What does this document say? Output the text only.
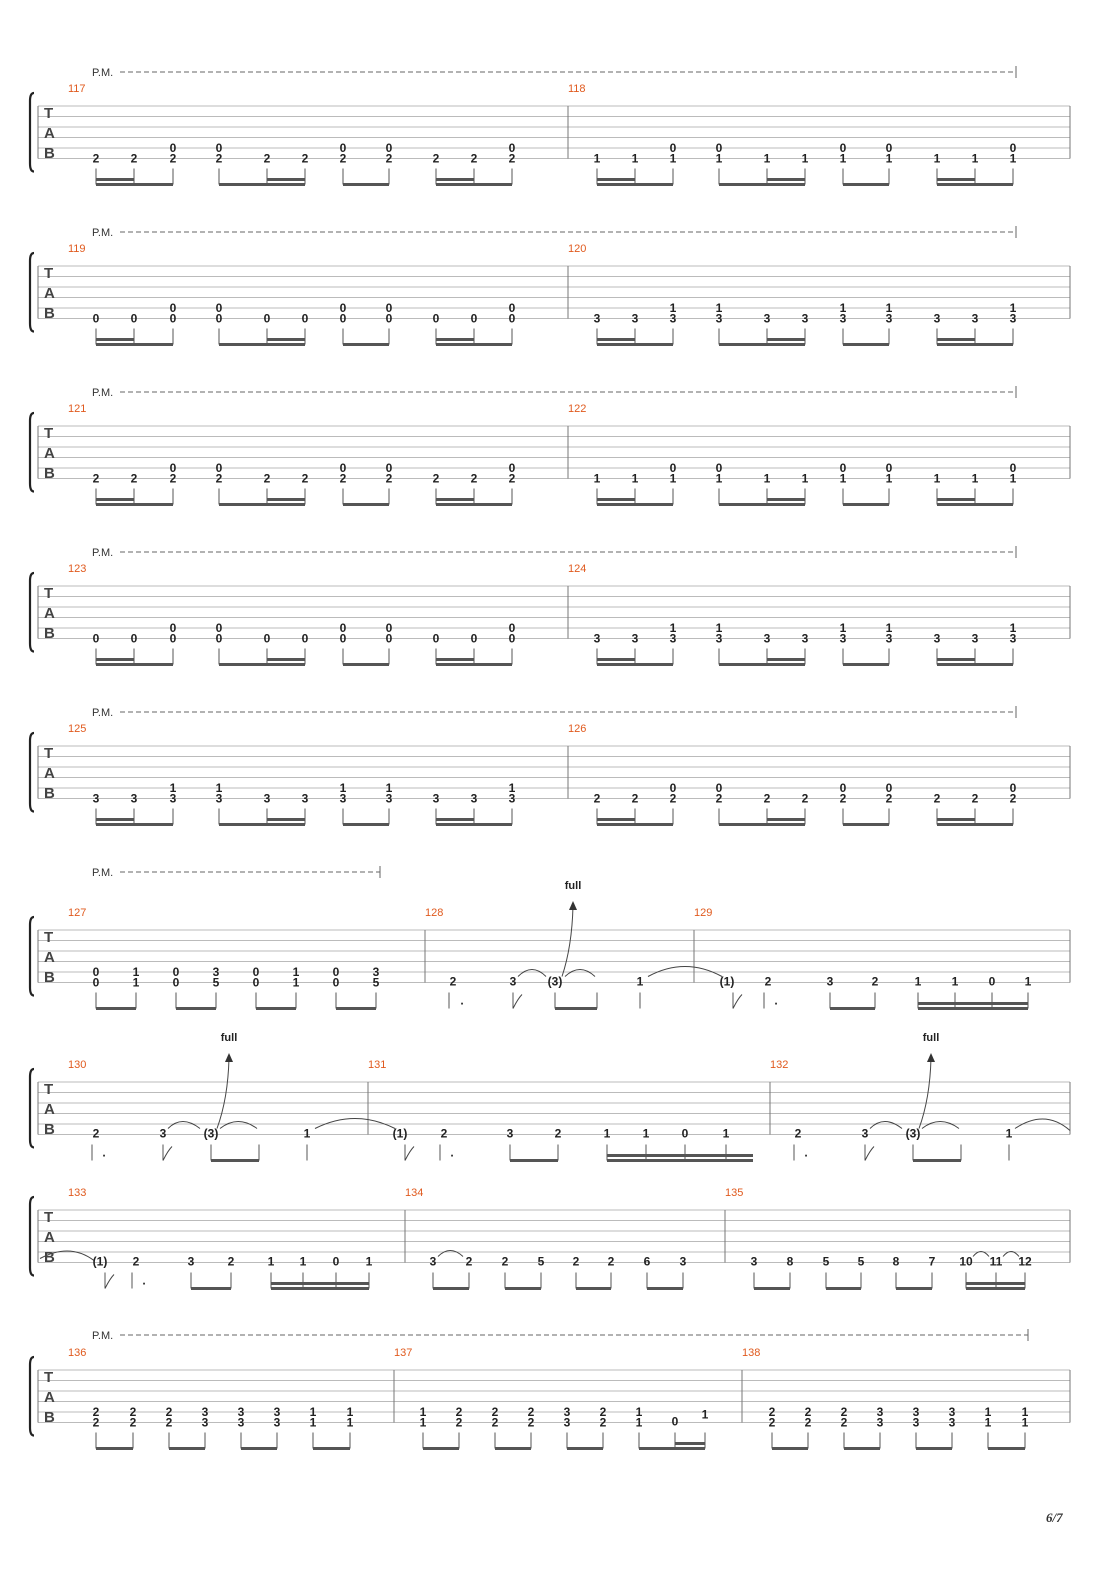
T
A
B
117	118
P.M.
2	2	2
0
2
0
2	2	2
0
2
0
2	2	2
0
1	1	1
0
1
0
1	1	1
0
1
0
1	1	1
0
T
A
B
119	120
P.M.
0	0	0
0
0
0
0	0	0
0
0
0
0	0	0
0
3	3	3
1
3
1
3	3	3
1
3
1
3	3	3
1
T
A
B
121	122
P.M.
2	2	2
0
2
0
2	2	2
0
2
0
2	2	2
0
1	1	1
0
1
0
1	1	1
0
1
0
1	1	1
0
T
A
B
123	124
P.M.
0	0	0
0
0
0
0	0	0
0
0
0
0	0	0
0
3	3	3
1
3
1
3	3	3
1
3
1
3	3	3
1
T
A
B
125	126
P.M.
3	3	3
1
3
1
3	3	3
1
3
1
3	3	3
1
2	2	2
0
2
0
2	2	2
0
2
0
2	2	2
0
T
A
B
P.M.
127	128	129
0
0
1
1
0
0
3
5
0
0
1
1
0
0
3
5	2
.
3	(3)
full
1	(1)	2
.
3	2	1	1	0 1
T
A
B
130	131	132
2
.
3	(3)
full
1	(1)	2
.
3	2	1	1	0	1	2
.
3	(3)
full
1
T
A
B
133	134	135
(1) 2
.
3	2	1 1 0 1	3 2 2 5 2 2 6 3	3 8 5 5 8 7 10 11 12
T
A
B
P.M.
136	137	138
2
2
2
2
2
2
3
3
3
3
3
3
1
1
1
1
1
1
2
2
2
2
2
2
3
3
2
2
1
1 0 1	2
2
2
2
2
2
3
3
3
3
3
3
1
1
1
1
6/7
